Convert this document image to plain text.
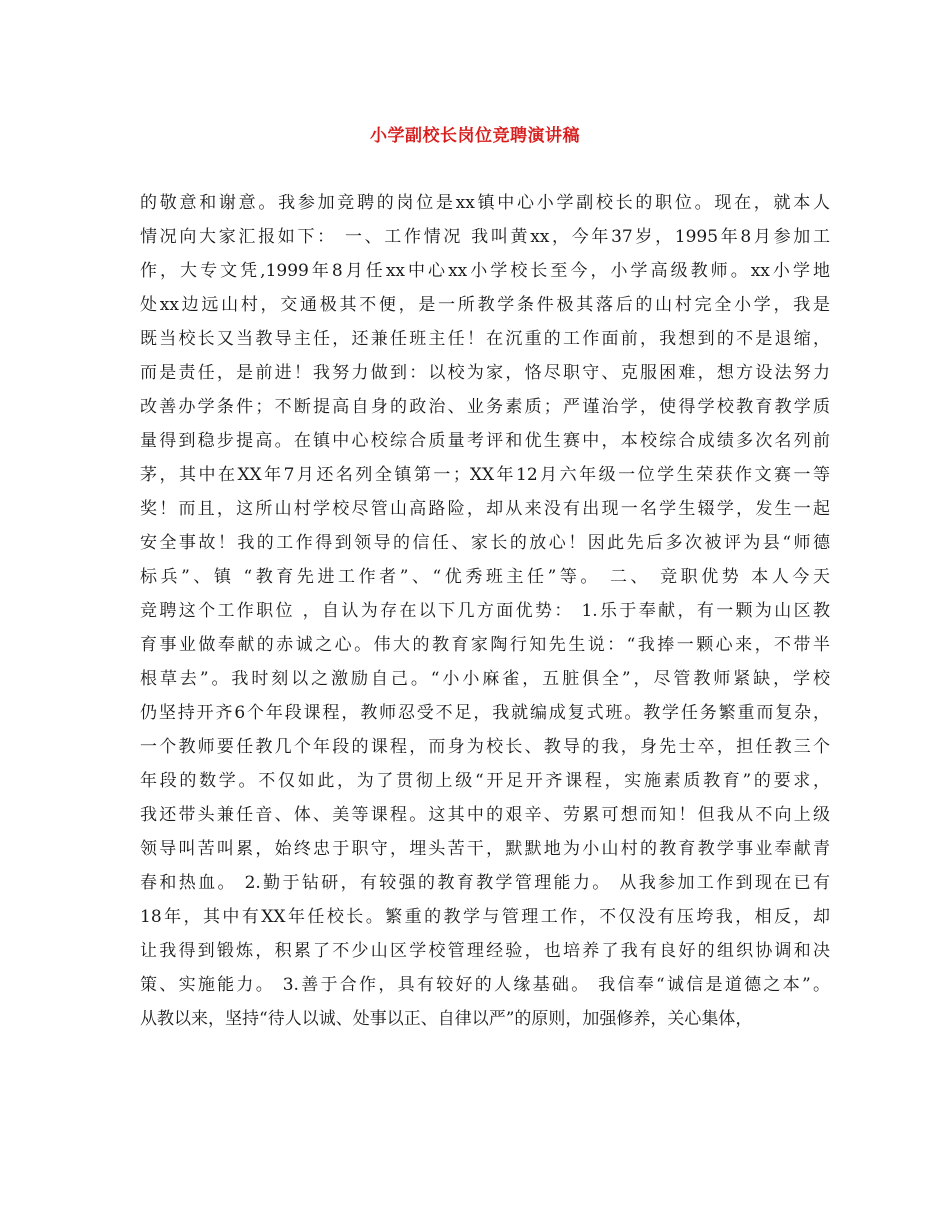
小学副校长岗位竞聘演讲稿
的敬意和谢意。我参加竞聘的岗位是xx镇中心小学副校长的职位。现在，就本人
情况向大家汇报如下： 一、工作情况 我叫黄xx，今年37岁，1995年8月参加工
作，大专文凭,1999年8月任xx中心xx小学校长至今，小学高级教师。xx小学地
处xx边远山村，交通极其不便，是一所教学条件极其落后的山村完全小学，我是
既当校长又当教导主任，还兼任班主任！在沉重的工作面前，我想到的不是退缩，
而是责任，是前进！我努力做到：以校为家，恪尽职守、克服困难，想方设法努力
改善办学条件；不断提高自身的政治、业务素质；严谨治学，使得学校教育教学质
量得到稳步提高。在镇中心校综合质量考评和优生赛中，本校综合成绩多次名列前
茅，其中在XX年7月还名列全镇第一；XX年12月六年级一位学生荣获作文赛一等
奖！而且，这所山村学校尽管山高路险，却从来没有出现一名学生辍学，发生一起
安全事故！我的工作得到领导的信任、家长的放心！因此先后多次被评为县“师德
标兵”、镇 “教育先进工作者”、“优秀班主任”等。 二、 竞职优势 本人今天
竞聘这个工作职位 ，自认为存在以下几方面优势： 1.乐于奉献，有一颗为山区教
育事业做奉献的赤诚之心。伟大的教育家陶行知先生说：“我捧一颗心来，不带半
根草去”。我时刻以之激励自己。“小小麻雀，五脏俱全”，尽管教师紧缺，学校
仍坚持开齐6个年段课程，教师忍受不足，我就编成复式班。教学任务繁重而复杂，
一个教师要任教几个年段的课程，而身为校长、教导的我，身先士卒，担任教三个
年段的数学。不仅如此，为了贯彻上级“开足开齐课程，实施素质教育”的要求，
我还带头兼任音、体、美等课程。这其中的艰辛、劳累可想而知！但我从不向上级
领导叫苦叫累，始终忠于职守，埋头苦干，默默地为小山村的教育教学事业奉献青
春和热血。 2.勤于钻研，有较强的教育教学管理能力。 从我参加工作到现在已有
18年，其中有XX年任校长。繁重的教学与管理工作，不仅没有压垮我，相反，却
让我得到锻炼，积累了不少山区学校管理经验，也培养了我有良好的组织协调和决
策、实施能力。 3.善于合作，具有较好的人缘基础。 我信奉“诚信是道德之本”。
从教以来，坚持“待人以诚、处事以正、自律以严”的原则，加强修养，关心集体，
